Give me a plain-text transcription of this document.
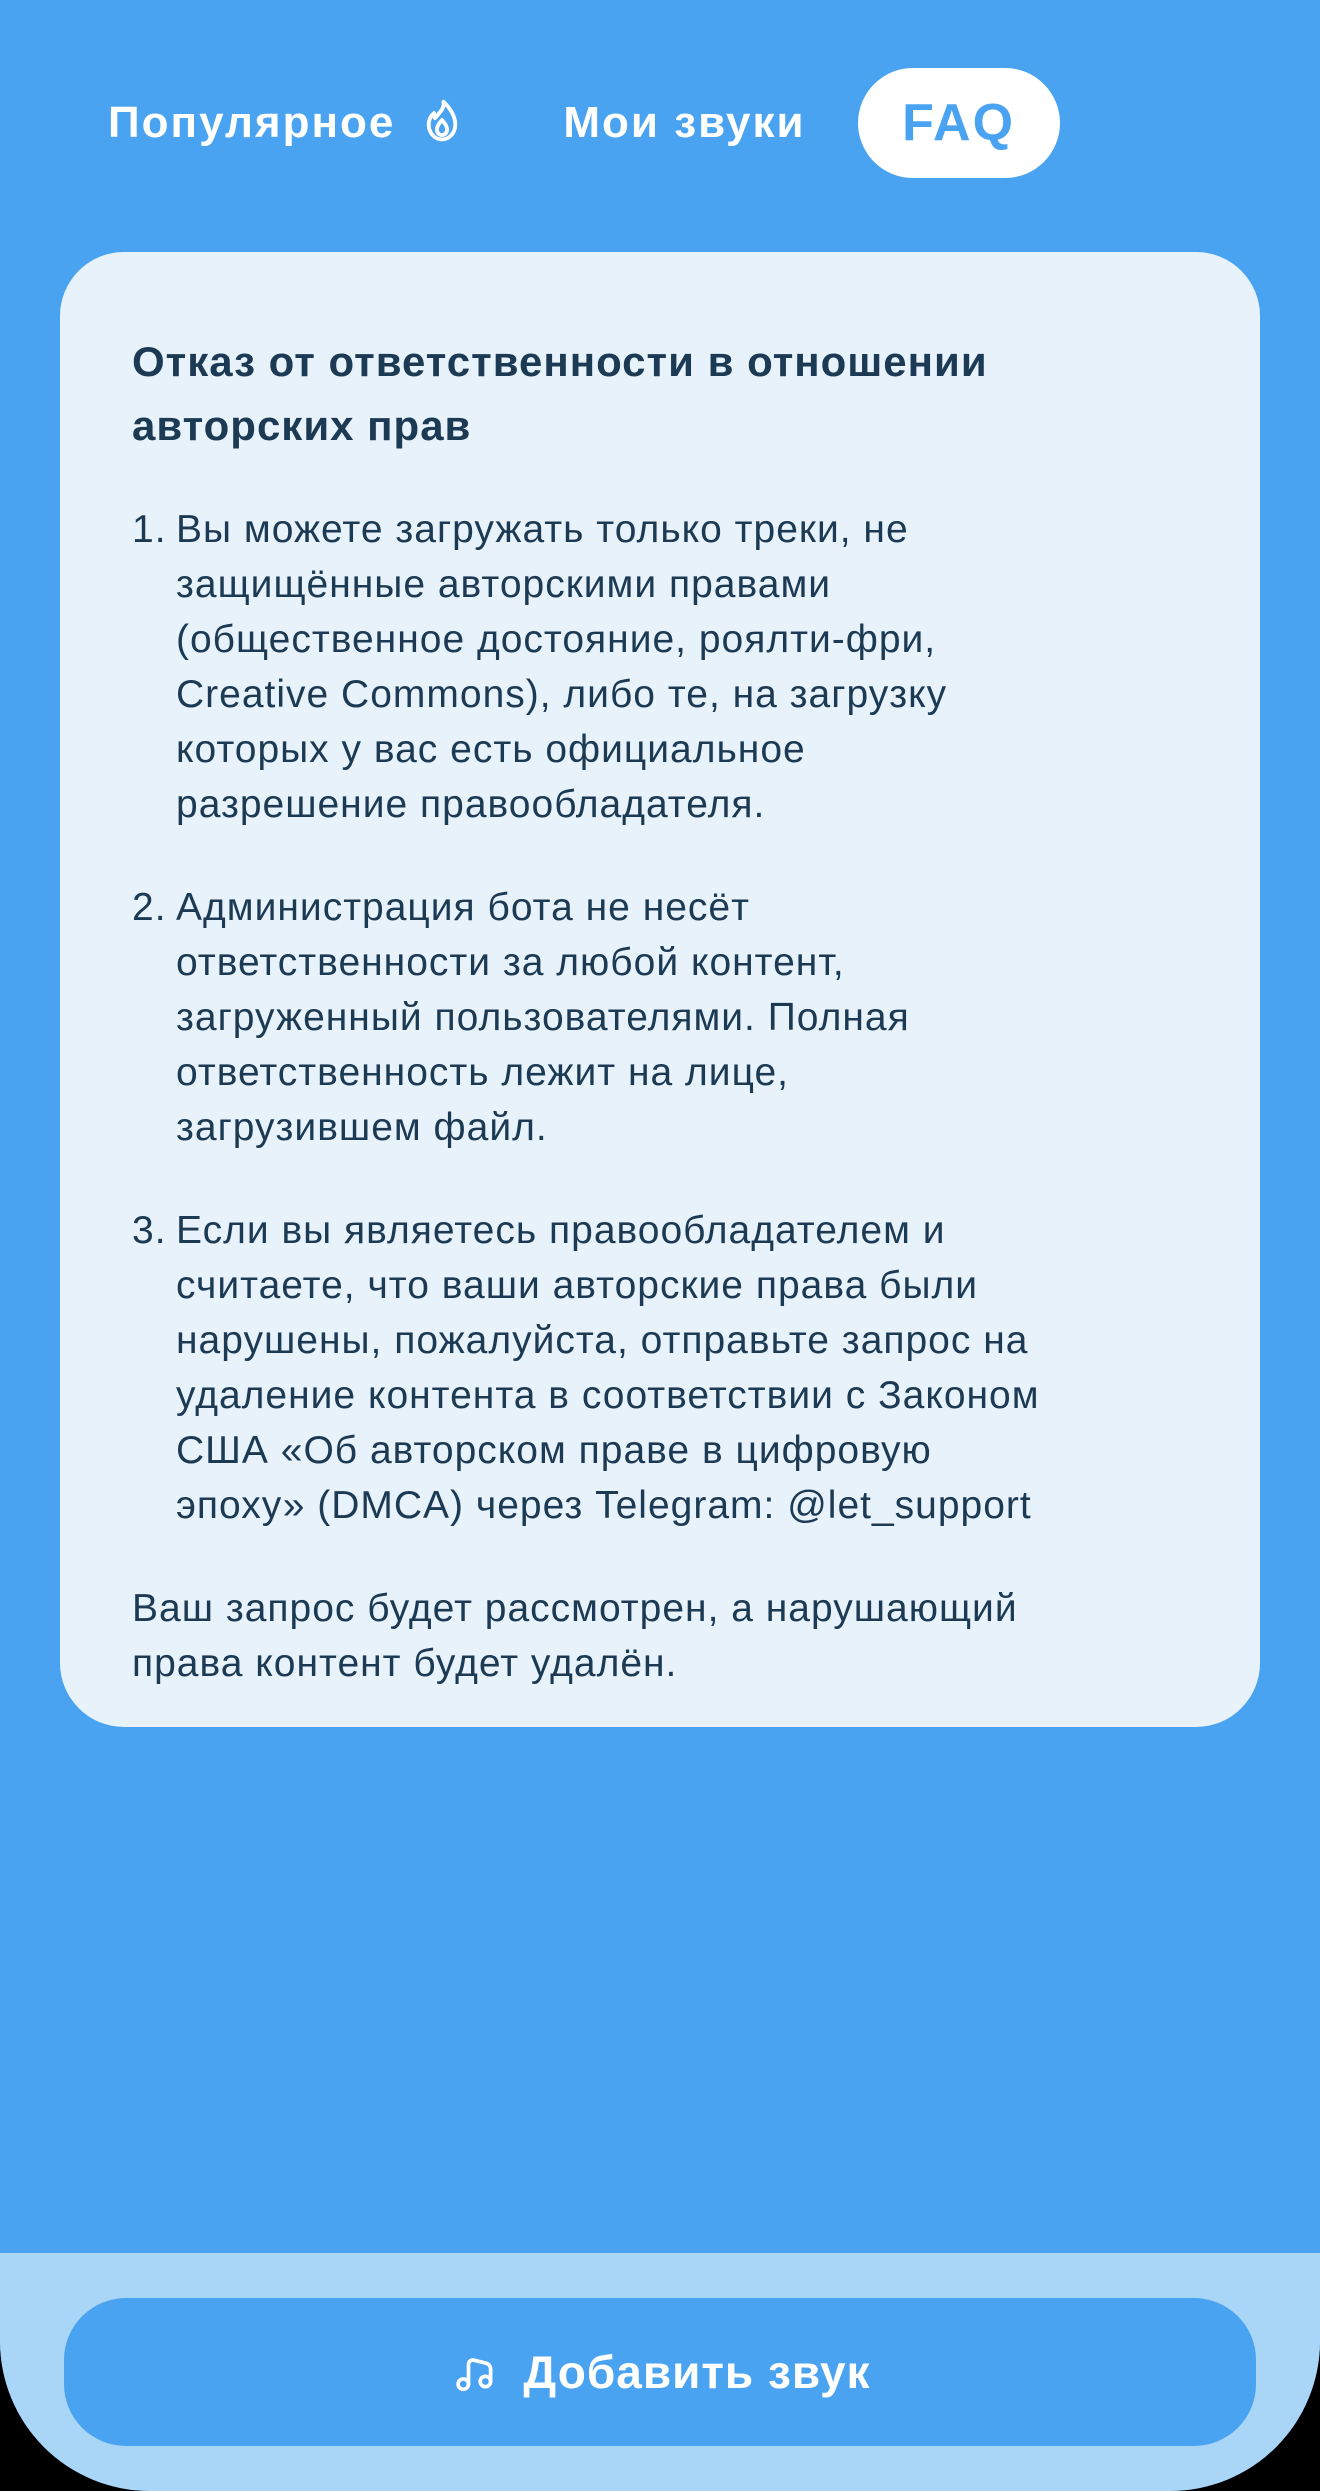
Популярное	Мои звуки FAQ
Отказ от ответственности в отношении
авторских прав
1. Вы можете загружать только треки, не
защищённые авторскими правами
(общественное достояние, роялти-фри,
Creative Commons), либо те, на загрузку
которых у вас есть официальное
разрешение правообладателя.
2. Администрация бота не несёт
ответственности за любой контент,
загруженный пользователями. Полная
ответственность лежит на лице,
загрузившем файл.
3. Если вы являетесь правообладателем и
считаете, что ваши авторские права были
нарушены, пожалуйста, отправьте запрос на
удаление контента в соответствии с Законом
США «Об авторском праве в цифровую
эпоху» (DMCA) через Telegram: @let_support
Ваш запрос будет рассмотрен, а нарушающий
права контент будет удалён.
Добавить звук
